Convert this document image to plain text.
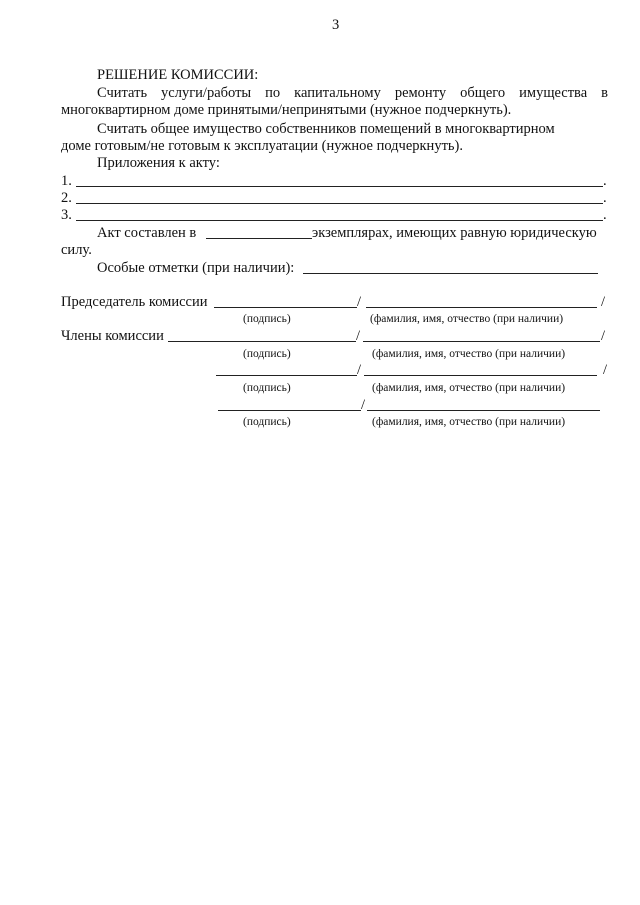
3
РЕШЕНИЕ КОМИССИИ:
Считать услуги/работы по капитальному ремонту общего имущества в
многоквартирном доме принятыми/непринятыми (нужное подчеркнуть).
Считать общее имущество собственников помещений в многоквартирном
доме готовым/не готовым к эксплуатации (нужное подчеркнуть).
Приложения к акту:
1.	.
2.	.
3.	.
Акт составлен в	экземплярах, имеющих равную юридическую
силу.
Особые отметки (при наличии):
Председатель комиссии	/	/
(подпись)	(фамилия, имя, отчество (при наличии)
Члены комиссии	/	/
(подпись)	(фамилия, имя, отчество (при наличии)
/	/
(подпись)	(фамилия, имя, отчество (при наличии)
/
(подпись)	(фамилия, имя, отчество (при наличии)
